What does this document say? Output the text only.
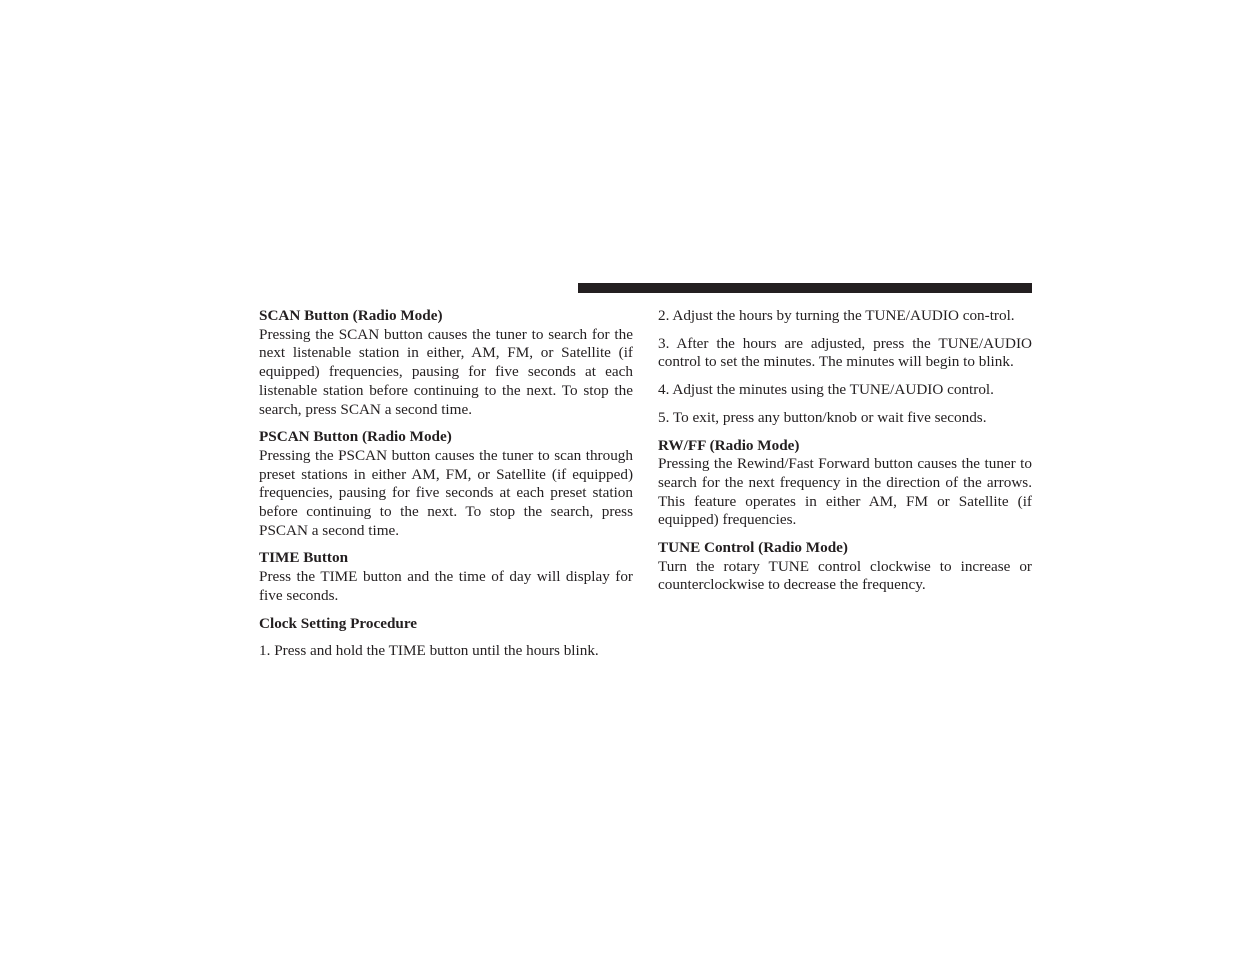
SCAN Button (Radio Mode)

Pressing the SCAN button causes the tuner to search for the next listenable station in either, AM, FM, or Satellite (if equipped) frequencies, pausing for five seconds at each listenable station before continuing to the next. To stop the search, press SCAN a second time.

PSCAN Button (Radio Mode)

Pressing the PSCAN button causes the tuner to scan through preset stations in either AM, FM, or Satellite (if equipped) frequencies, pausing for five seconds at each preset station before continuing to the next. To stop the search, press PSCAN a second time.

TIME Button

Press the TIME button and the time of day will display for five seconds.

Clock Setting Procedure

1. Press and hold the TIME button until the hours blink.

2. Adjust the hours by turning the TUNE/AUDIO con-trol.

3. After the hours are adjusted, press the TUNE/AUDIO control to set the minutes. The minutes will begin to blink.

4. Adjust the minutes using the TUNE/AUDIO control.

5. To exit, press any button/knob or wait five seconds.

RW/FF (Radio Mode)

Pressing the Rewind/Fast Forward button causes the tuner to search for the next frequency in the direction of the arrows. This feature operates in either AM, FM or Satellite (if equipped) frequencies.

TUNE Control (Radio Mode)

Turn the rotary TUNE control clockwise to increase or counterclockwise to decrease the frequency.
